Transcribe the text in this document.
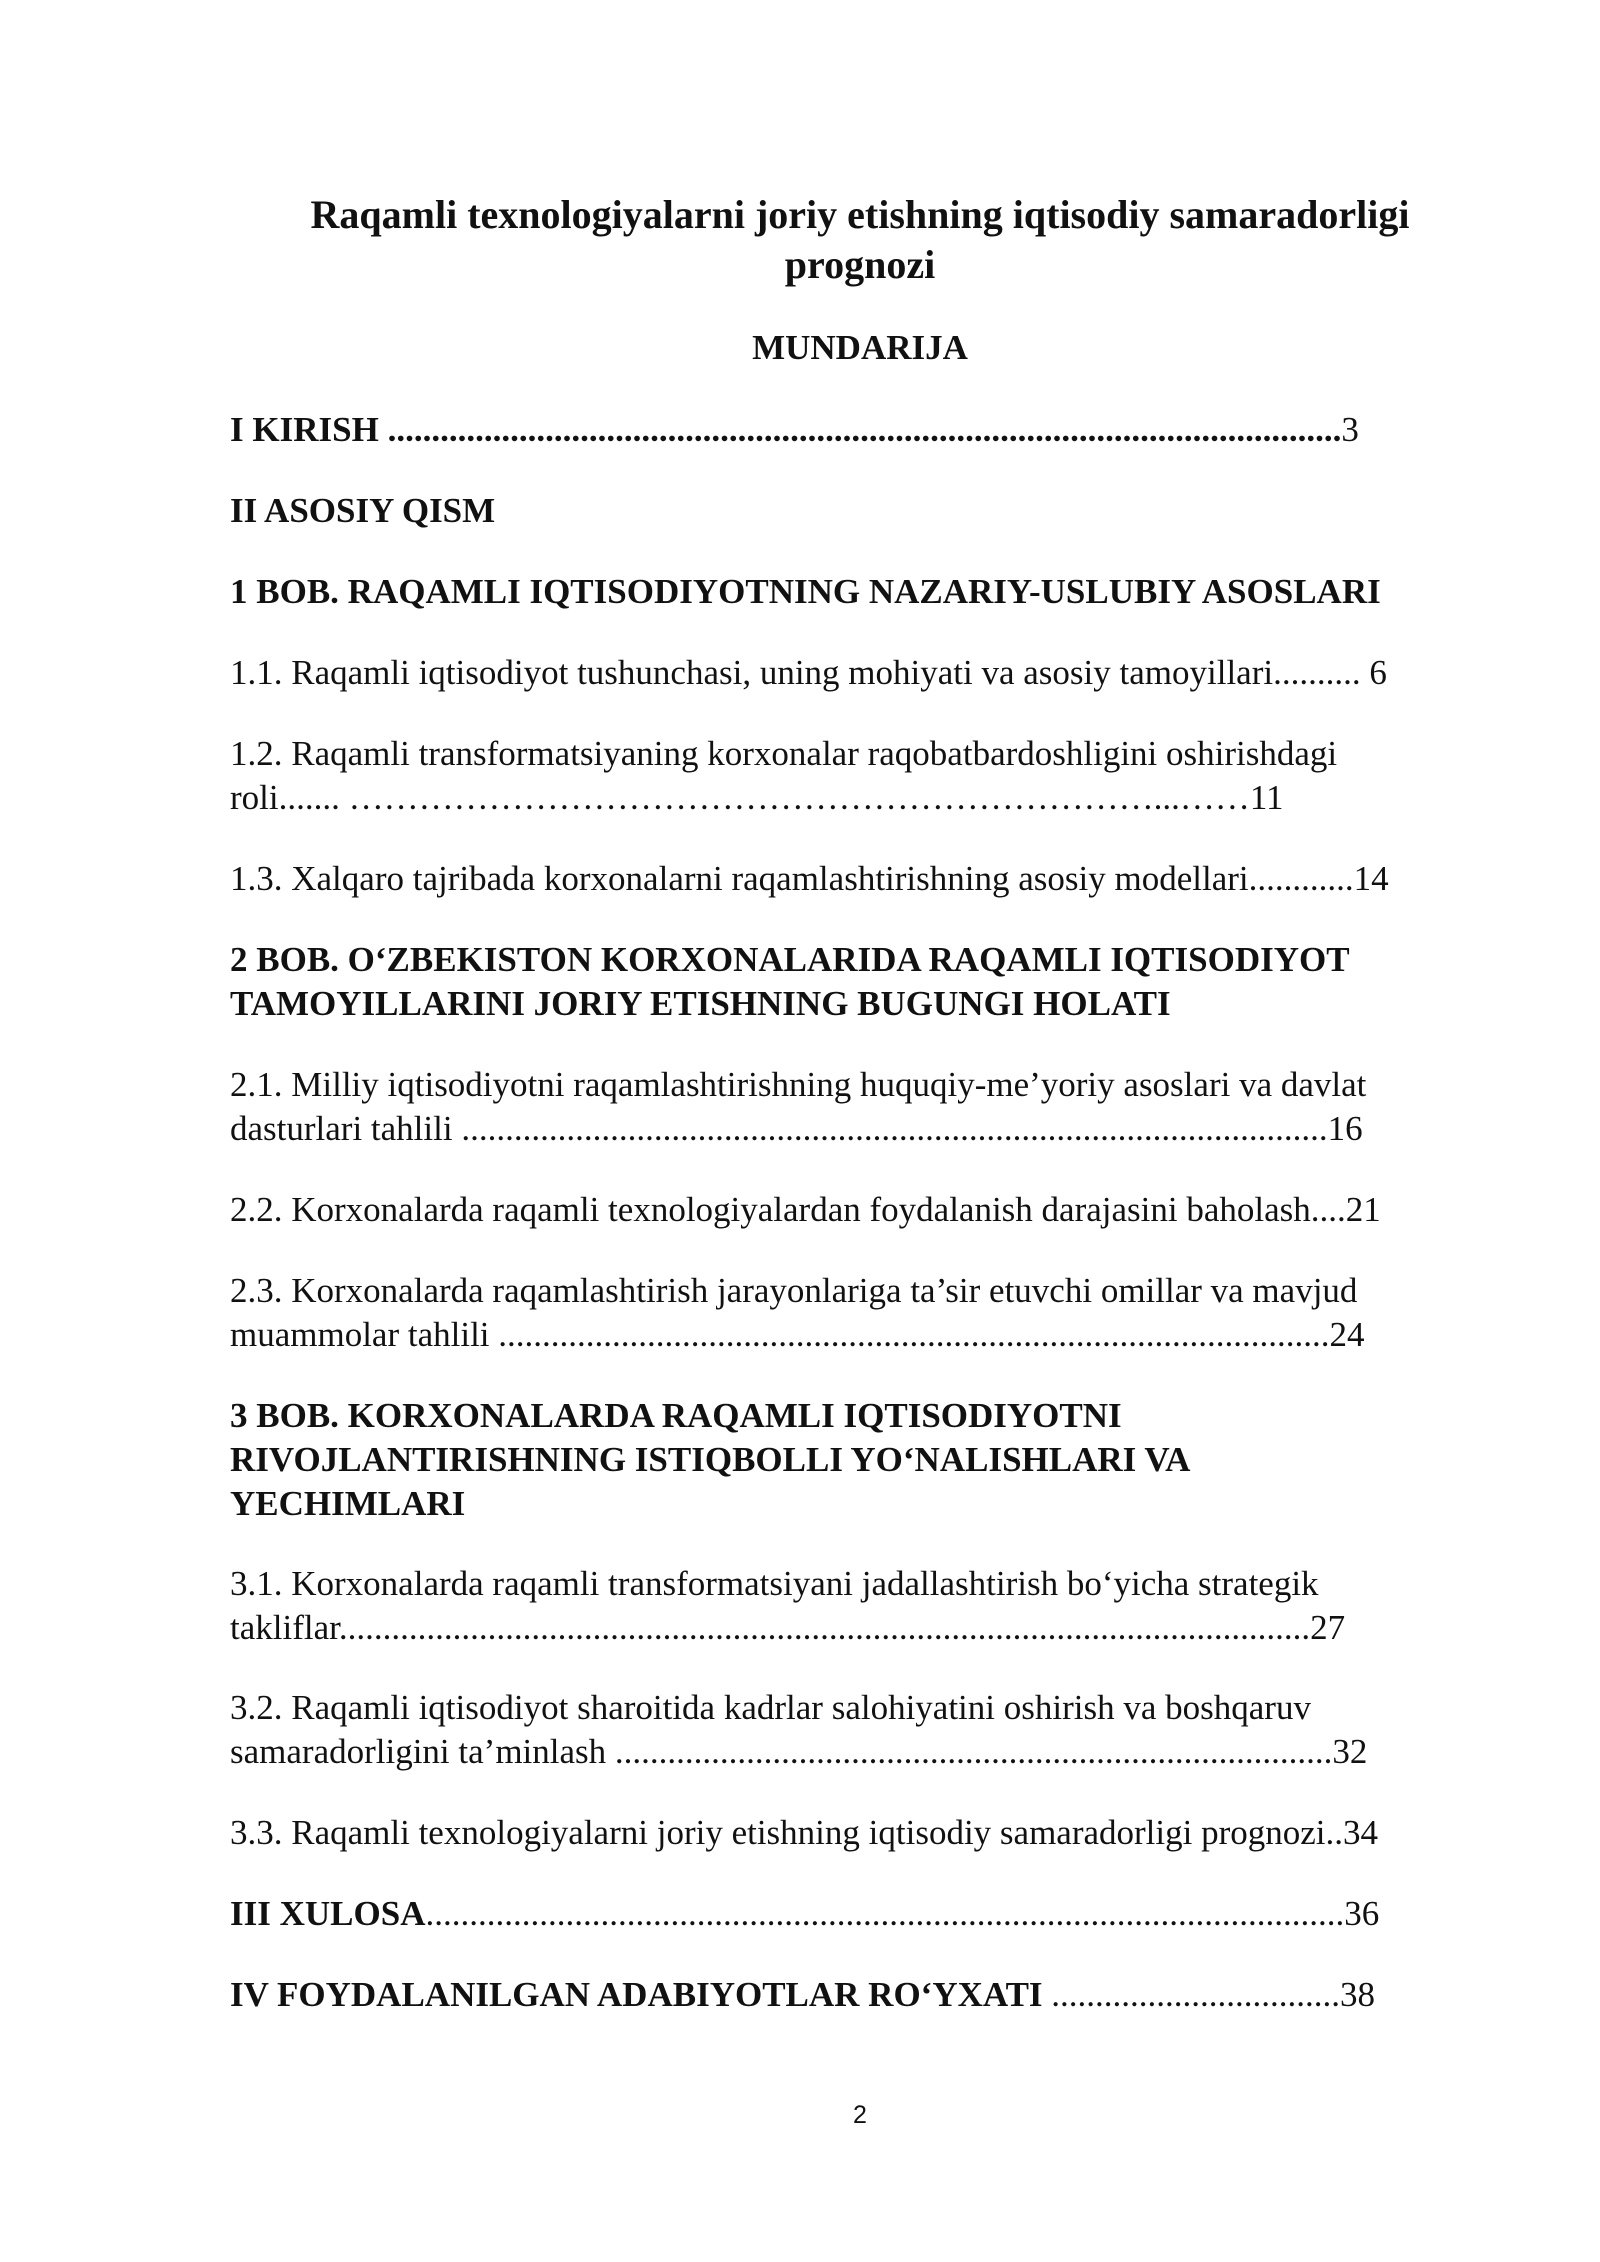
Raqamli texnologiyalarni joriy etishning iqtisodiy samaradorligi
prognozi
MUNDARIJA
I KIRISH .............................................................................................................3
II ASOSIY QISM
1 BOB. RAQAMLI IQTISODIYOTNING NAZARIY-USLUBIY ASOSLARI
1.1. Raqamli iqtisodiyot tushunchasi, uning mohiyati va asosiy tamoyillari.......... 6
1.2. Raqamli transformatsiyaning korxonalar raqobatbardoshligini oshirishdagi
roli....... ……………………………………………………………...……11
1.3. Xalqaro tajribada korxonalarni raqamlashtirishning asosiy modellari............14
2 BOB. O‘ZBEKISTON KORXONALARIDA RAQAMLI IQTISODIYOT
TAMOYILLARINI JORIY ETISHNING BUGUNGI HOLATI
2.1. Milliy iqtisodiyotni raqamlashtirishning huquqiy-me’yoriy asoslari va davlat
dasturlari tahlili ...................................................................................................16
2.2. Korxonalarda raqamli texnologiyalardan foydalanish darajasini baholash....21
2.3. Korxonalarda raqamlashtirish jarayonlariga ta’sir etuvchi omillar va mavjud
muammolar tahlili ...............................................................................................24
3 BOB. KORXONALARDA RAQAMLI IQTISODIYOTNI
RIVOJLANTIRISHNING ISTIQBOLLI YO‘NALISHLARI VA
YECHIMLARI
3.1. Korxonalarda raqamli transformatsiyani jadallashtirish bo‘yicha strategik
takliflar...............................................................................................................27
3.2. Raqamli iqtisodiyot sharoitida kadrlar salohiyatini oshirish va boshqaruv
samaradorligini ta’minlash ..................................................................................32
3.3. Raqamli texnologiyalarni joriy etishning iqtisodiy samaradorligi prognozi..34
III XULOSA.........................................................................................................36
IV FOYDALANILGAN ADABIYOTLAR RO‘YXATI .................................38
2
